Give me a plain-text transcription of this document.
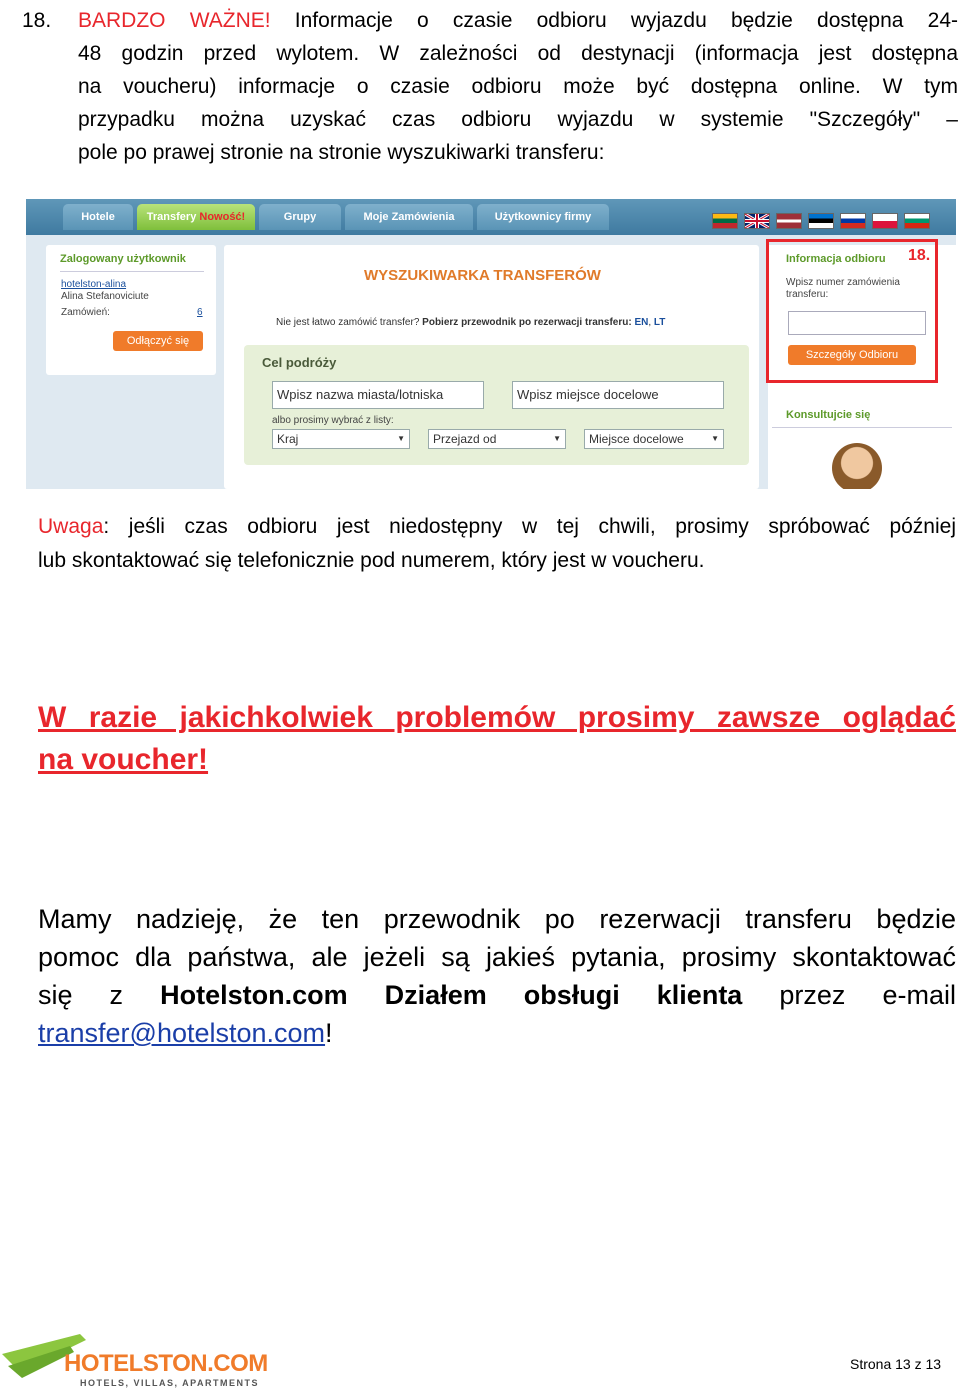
18. BARDZO WAŻNE! Informacje o czasie odbioru wyjazdu będzie dostępna 24-
48 godzin przed wylotem. W zależności od destynacji (informacja jest dostępna
na voucheru) informacje o czasie odbioru może być dostępna online. W tym
przypadku można uzyskać czas odbioru wyjazdu w systemie "Szczegóły" –
pole po prawej stronie na stronie wyszukiwarki transferu:
Hotele	Transfery Nowość!	Grupy	Moje Zamówienia	Użytkownicy firmy
Zalogowany użytkownik
hotelston-alina
Alina Stefanoviciute
Zamówień:	6
Odłączyć się
WYSZUKIWARKA TRANSFERÓW
Nie jest łatwo zamówić transfer? Pobierz przewodnik po rezerwacji transferu: EN, LT
Cel podróży
Wpisz nazwa miasta/lotniska	Wpisz miejsce docelowe
albo prosimy wybrać z listy:
Kraj	▼	Przejazd od	▼	Miejsce docelowe	▼
Informacja odbioru 18.
Wpisz numer zamówienia transferu:
Szczegóły Odbioru
Konsultujcie się
Uwaga: jeśli czas odbioru jest niedostępny w tej chwili, prosimy spróbować później
lub skontaktować się telefonicznie pod numerem, który jest w voucheru.
W razie jakichkolwiek problemów prosimy zawsze oglądać
na voucher!
Mamy nadzieję, że ten przewodnik po rezerwacji transferu będzie
pomoc dla państwa, ale jeżeli są jakieś pytania, prosimy skontaktować
się z Hotelston.com Działem obsługi klienta przez e-mail
transfer@hotelston.com!
HOTELSTON.COM
HOTELS, VILLAS, APARTMENTS
Strona 13 z 13
